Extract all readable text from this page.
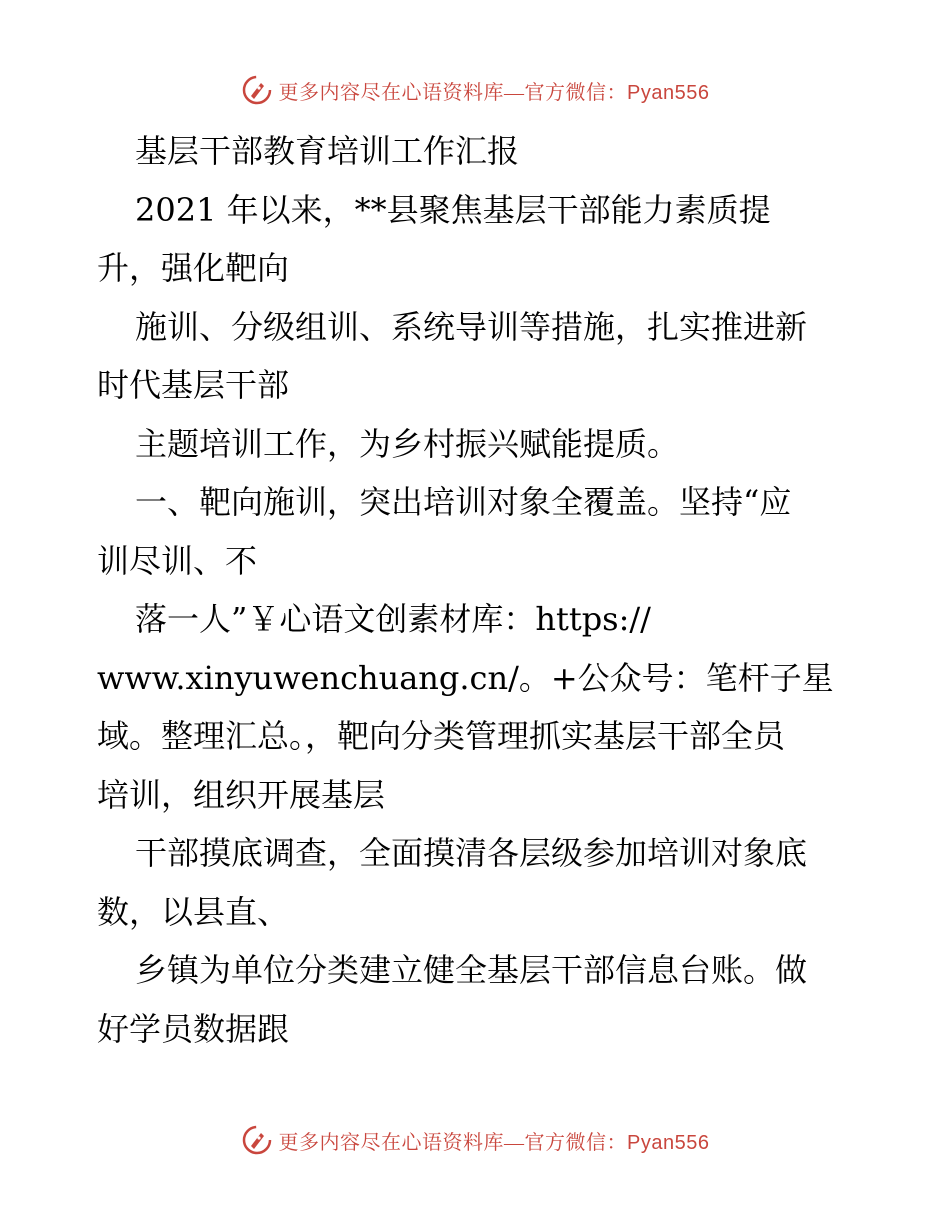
更多内容尽在心语资料库—官方微信：Pyan556
基层干部教育培训工作汇报
2021 年以来，**县聚焦基层干部能力素质提
升，强化靶向
施训、分级组训、系统导训等措施，扎实推进新
时代基层干部
主题培训工作，为乡村振兴赋能提质。
一、靶向施训，突出培训对象全覆盖。坚持“应
训尽训、不
落一人”￥心语文创素材库：https://
www.xinyuwenchuang.cn/。+公众号：笔杆子星
域。整理汇总。，靶向分类管理抓实基层干部全员
培训，组织开展基层
干部摸底调查，全面摸清各层级参加培训对象底
数，以县直、
乡镇为单位分类建立健全基层干部信息台账。做
好学员数据跟
更多内容尽在心语资料库—官方微信：Pyan556
